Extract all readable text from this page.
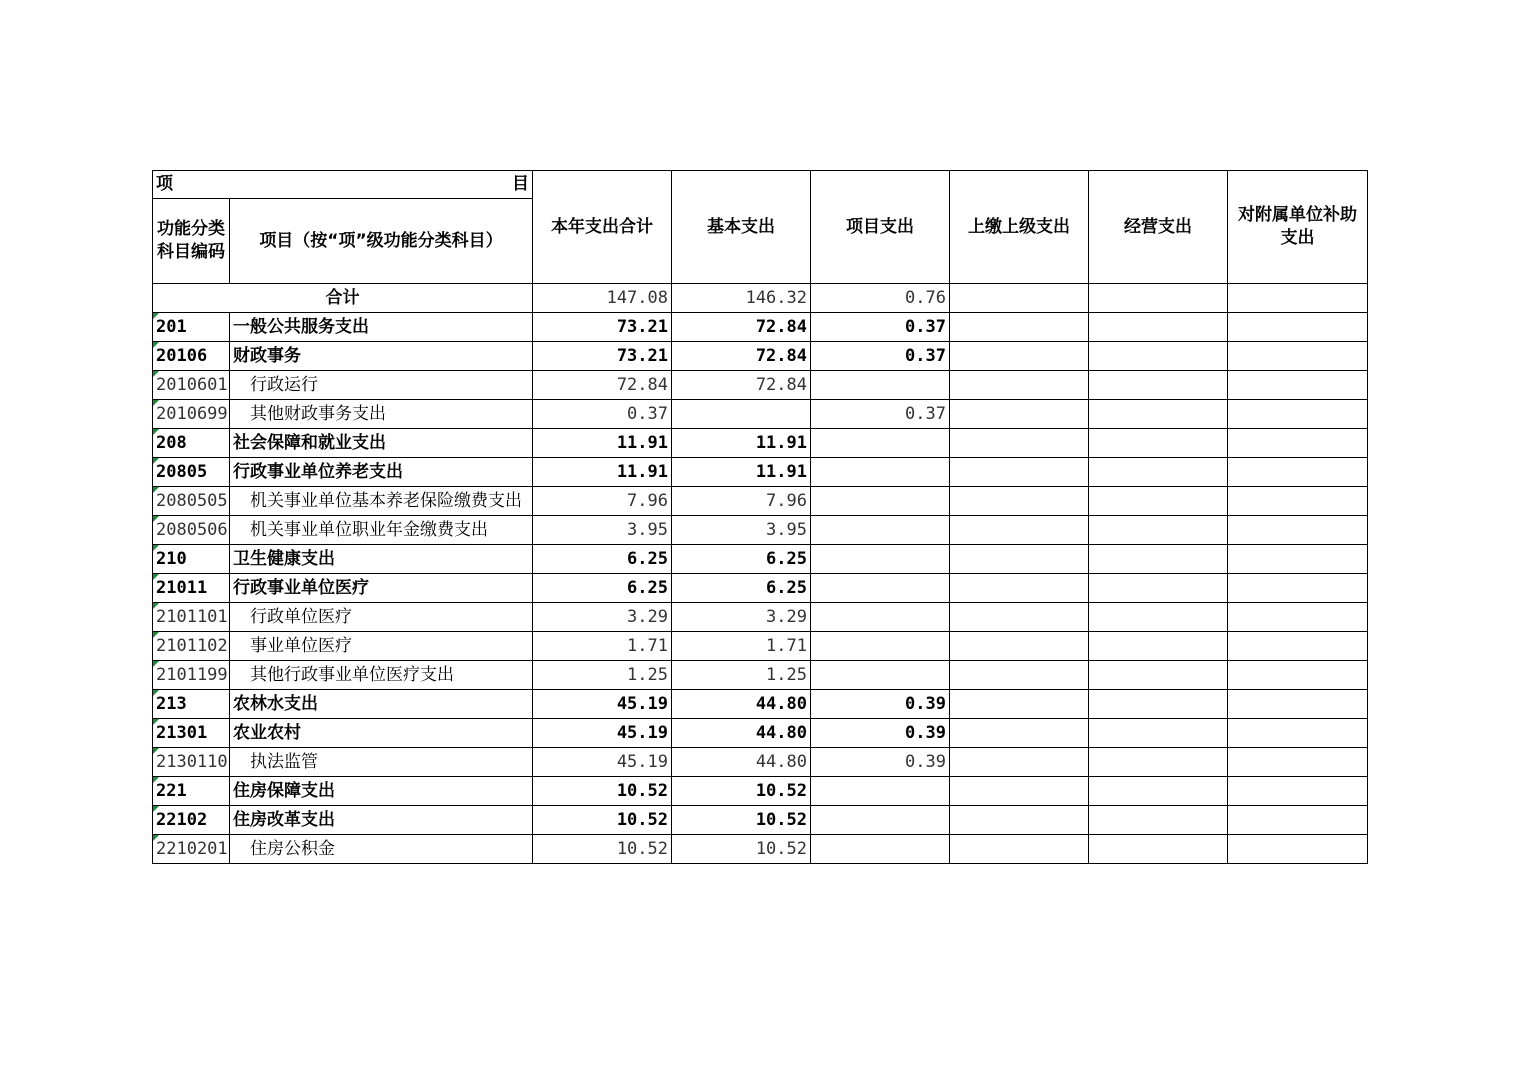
项 目		本年支出合计	基本支出	项目支出	上缴上级支出	经营支出	对附属单位补助支出
功能分类科目编码	项目（按“项”级功能分类科目）						
合计		147.08	146.32	0.76			
201	一般公共服务支出	73.21	72.84	0.37			
20106	财政事务	73.21	72.84	0.37			
2010601	行政运行	72.84	72.84				
2010699	其他财政事务支出	0.37		0.37			
208	社会保障和就业支出	11.91	11.91				
20805	行政事业单位养老支出	11.91	11.91				
2080505	机关事业单位基本养老保险缴费支出	7.96	7.96				
2080506	机关事业单位职业年金缴费支出	3.95	3.95				
210	卫生健康支出	6.25	6.25				
21011	行政事业单位医疗	6.25	6.25				
2101101	行政单位医疗	3.29	3.29				
2101102	事业单位医疗	1.71	1.71				
2101199	其他行政事业单位医疗支出	1.25	1.25				
213	农林水支出	45.19	44.80	0.39			
21301	农业农村	45.19	44.80	0.39			
2130110	执法监管	45.19	44.80	0.39			
221	住房保障支出	10.52	10.52				
22102	住房改革支出	10.52	10.52				
2210201	住房公积金	10.52	10.52				
